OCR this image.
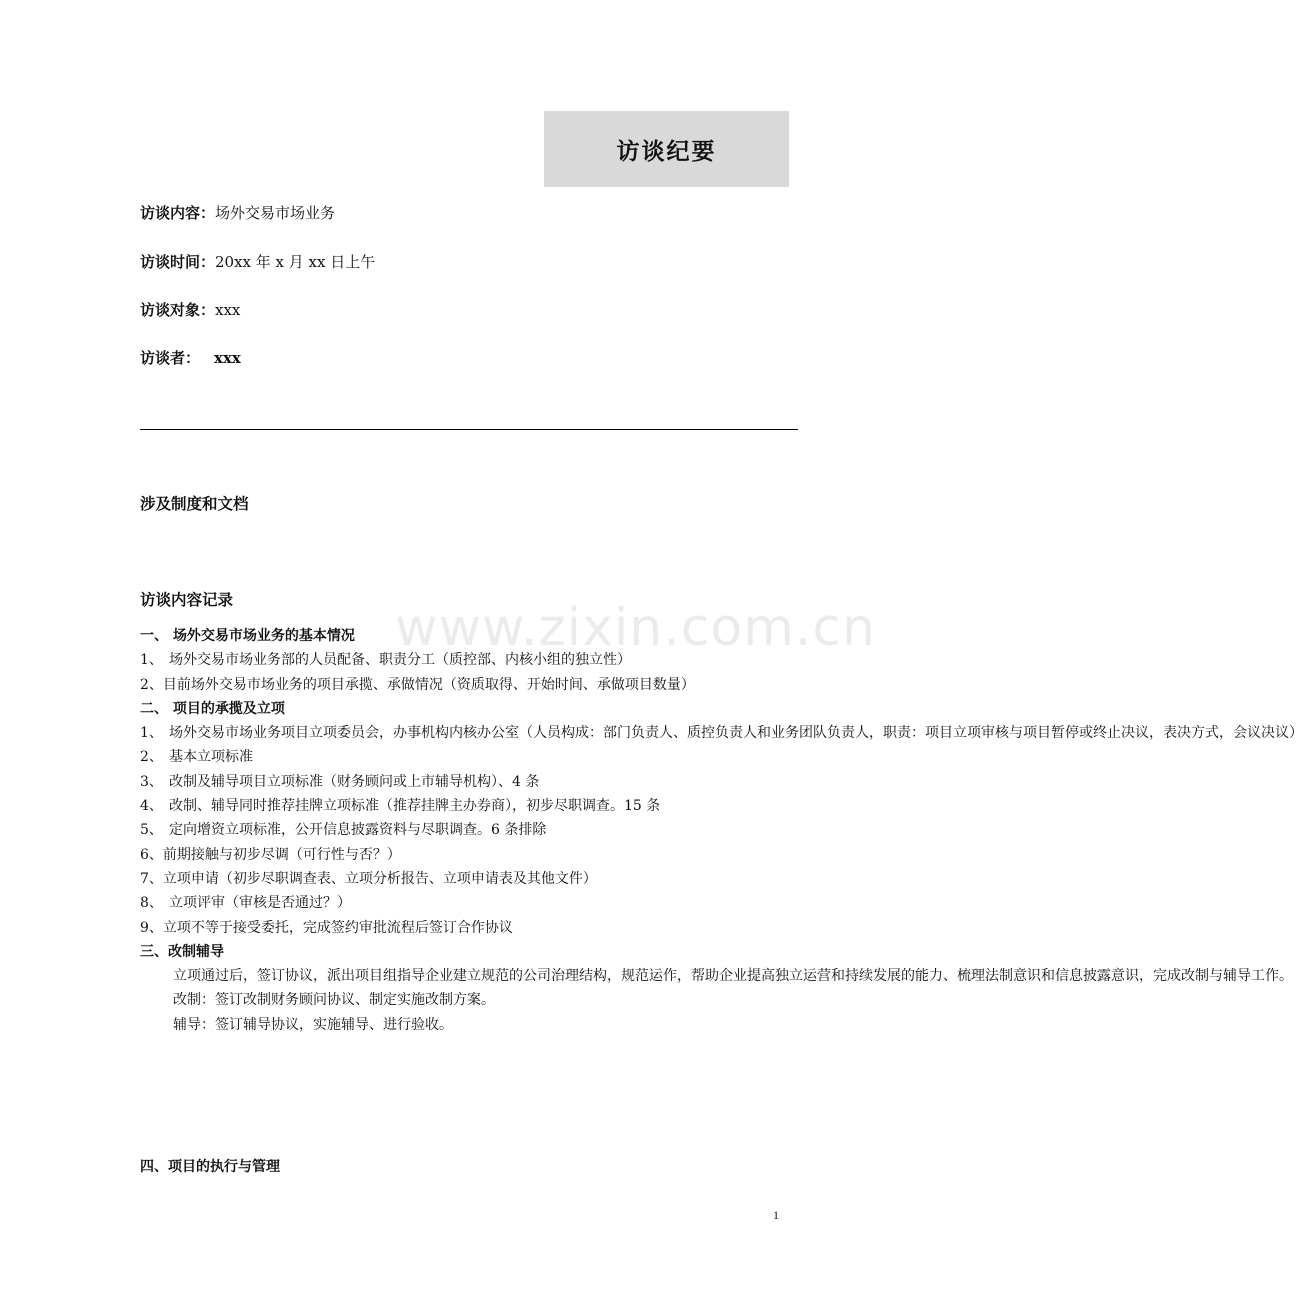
访谈纪要
访谈内容：场外交易市场业务
访谈时间：20xx 年 x 月 xx 日上午
访谈对象：xxx
访谈者： xxx
涉及制度和文档
访谈内容记录	www.zixin.com.cn
一、 场外交易市场业务的基本情况
1、 场外交易市场业务部的人员配备、职责分工（质控部、内核小组的独立性）
2、 目前场外交易市场业务的项目承揽、承做情况（资质取得、开始时间、承做项目数量）
二、 项目的承揽及立项
1、 场外交易市场业务项目立项委员会，办事机构内核办公室（人员构成：部门负责人、质控负责人和业务团队负责人，职责：项目立项审核与项目暂停或终止决议，表决方式，会议决议）
2、 基本立项标准
3、 改制及辅导项目立项标准（财务顾问或上市辅导机构）、4 条
4、 改制、辅导同时推荐挂牌立项标准（推荐挂牌主办券商），初步尽职调查。15 条
5、 定向增资立项标准，公开信息披露资料与尽职调查。6 条排除
6、 前期接触与初步尽调（可行性与否？）
7、 立项申请（初步尽职调查表、立项分析报告、立项申请表及其他文件）
8、 立项评审（审核是否通过？）
9、 立项不等于接受委托，完成签约审批流程后签订合作协议
三、改制辅导
立项通过后，签订协议，派出项目组指导企业建立规范的公司治理结构，规范运作，帮助企业提高独立运营和持续发展的能力、梳理法制意识和信息披露意识，完成改制与辅导工作。
改制：签订改制财务顾问协议、制定实施改制方案。
辅导：签订辅导协议，实施辅导、进行验收。
四、项目的执行与管理
1
